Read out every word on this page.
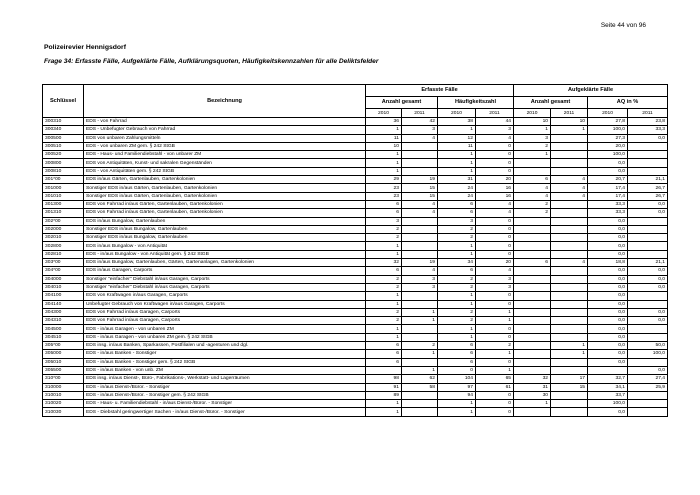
Seite 44 von 96
Polizeirevier Hennigsdorf
Frage 34: Erfasste Fälle, Aufgeklärte Fälle, Aufklärungsquoten, Häufigkeitskennzahlen für alle Deliktsfelder
Schlüssel	Bezeichnung	Erfasste Fälle				Aufgeklärte Fälle			
		Anzahl gesamt		Häufigkeitszahl		Anzahl gesamt		AQ in %	
		2010	2011	2010	2011	2010	2011	2010	2011
300310	EDS - von Fahrrad	36	42	38	44	10	10	27,8	23,8
300340	EDS - Unbefugter Gebrauch von Fahrrad	1	3	1	3	1	1	100,0	33,3
300500	EDS von unbaren Zahlungsmitteln	11	4	12	4	3		27,3	0,0
300510	EDS - von unbaren ZM gem. § 242 StGB	10		11	0	2		20,0	
300520	EDS - Haus- und Familiendiebstahl - von unbarer ZM	1		1	0	1		100,0	
300800	EDS von Antiquitäten, Kunst- und sakralen Gegenständen	1		1	0			0,0	
300810	EDS - von Antiquitäten gem. § 242 StGB	1		1	0			0,0	
301*00	EDS in/aus Gärten, Gartenlauben, Gartenkolonien	29	19	31	20	6	4	20,7	21,1
301000	Sonstiger EDS in/aus Gärten, Gartenlauben, Gartenkolonien	23	15	24	16	4	4	17,4	26,7
301010	Sonstiger EDS in/aus Gärten, Gartenlauben, Gartenkolonien	23	15	24	16	4	4	17,4	26,7
301300	EDS von Fahrrad in/aus Gärten, Gartenlauben, Gartenkolonien	6	4	6	4	2		33,3	0,0
301310	EDS von Fahrrad in/aus Gärten, Gartenlauben, Gartenkolonien	6	4	6	4	2		33,3	0,0
302*00	EDS in/aus Bungalow, Gartenlauben	3		3	0			0,0	
302000	Sonstiger EDS in/aus Bungalow, Gartenlauben	2		2	0			0,0	
302010	Sonstiger EDS in/aus Bungalow, Gartenlauben	2		2	0			0,0	
302800	EDS in/aus Bungalow - von Antiquität	1		1	0			0,0	
302810	EDS - in/aus Bungalow - von Antiquität gem. § 242 StGB	1		1	0			0,0	
303*00	EDS in/aus Bungalow, Gartenlauben, Gärten, Gartenanlagen, Gartenkolonien	32	19	34	20	6	4	18,8	21,1
304*00	EDS in/aus Garagen, Carports	6	4	6	4			0,0	0,0
304000	Sonstiger "einfacher" Diebstahl in/aus Garagen, Carports	2	3	2	3			0,0	0,0
304010	Sonstiger "einfacher" Diebstahl in/aus Garagen, Carports	2	3	2	3			0,0	0,0
304100	EDS von Kraftwagen in/aus Garagen, Carports	1		1	0			0,0	
304140	Unbefugter Gebrauch von Kraftwagen in/aus Garagen, Carports	1		1	0			0,0	
304300	EDS von Fahrrad in/aus Garagen, Carports	2	1	2	1			0,0	0,0
304310	EDS von Fahrrad in/aus Garagen, Carports	2	1	2	1			0,0	0,0
304500	EDS - in/aus Garagen - von unbaren ZM	1		1	0			0,0	
304510	EDS - in/aus Garagen - von unbaren ZM gem. § 242 StGB	1		1	0			0,0	
305*00	EDS insg. in/aus Banken, Sparkassen, Postfilialen und -agenturen und dgl.	6	2	6	2		1	0,0	50,0
305000	EDS - in/aus Banken - Sonstiger	6	1	6	1		1	0,0	100,0
305010	EDS - in/aus Banken - Sonstiger gem. § 242 StGB	6		6	0			0,0	
305500	EDS - in/aus Banken - von unb. ZM		1	0	1				0,0
310*00	EDS insg. in/aus Dienst-, Büro-, Fabrikations-, Werkstatt- und Lagerräumen	98	62	104	65	32	17	32,7	27,4
310000	EDS - in/aus Dienst-/Büror. - Sonstiger	91	58	97	61	31	15	34,1	25,9
310010	EDS - in/aus Dienst-/Büror. - Sonstiger gem. § 242 StGB	89		94	0	30		33,7	
310020	EDS - Haus- u. Familiendiebstahl - in/aus Dienst-/Büror. - Sonstiger	1		1	0	1		100,0	
310030	EDS - Diebstahl geringwertiger Sachen - in/aus Dienst-/Büror. - Sonstiger	1		1	0			0,0	
